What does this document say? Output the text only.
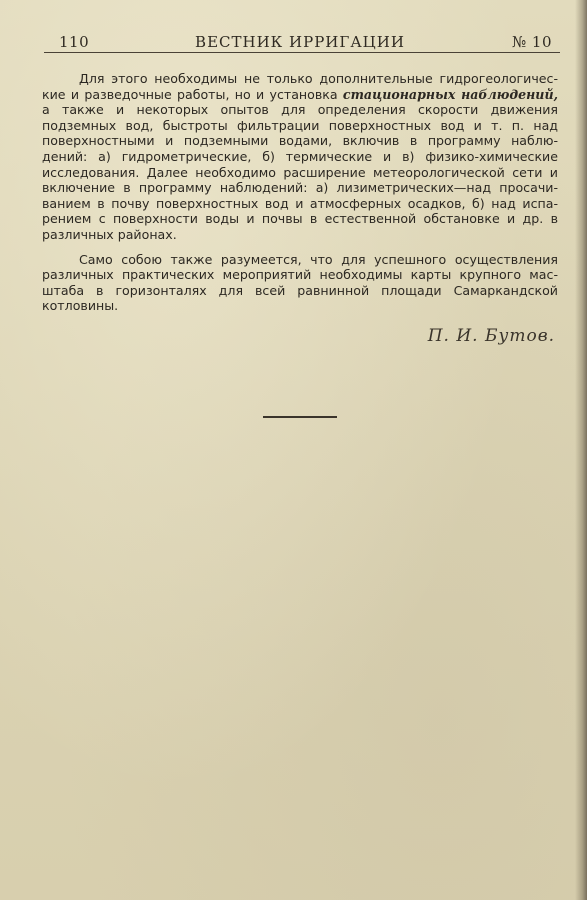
110	ВЕСТНИК ИРРИГАЦИИ	№ 10
Для этого необходимы не только дополнительные гидрогеологичес-
кие и разведочные работы, но и установка стационарных наблюдений,
а также и некоторых опытов для определения скорости движения
подземных вод, быстроты фильтрации поверхностных вод и т. п. над
поверхностными и подземными водами, включив в программу наблю-
дений: а) гидрометрические, б) термические и в) физико-химические
исследования. Далее необходимо расширение метеорологической сети и
включение в программу наблюдений: а) лизиметрических—над просачи-
ванием в почву поверхностных вод и атмосферных осадков, б) над испа-
рением с поверхности воды и почвы в естественной обстановке и др. в
различных районах.
Само собою также разумеется, что для успешного осуществления
различных практических мероприятий необходимы карты крупного мас-
штаба в горизонталях для всей равнинной площади Самаркандской
котловины.
П. И. Бутов.
